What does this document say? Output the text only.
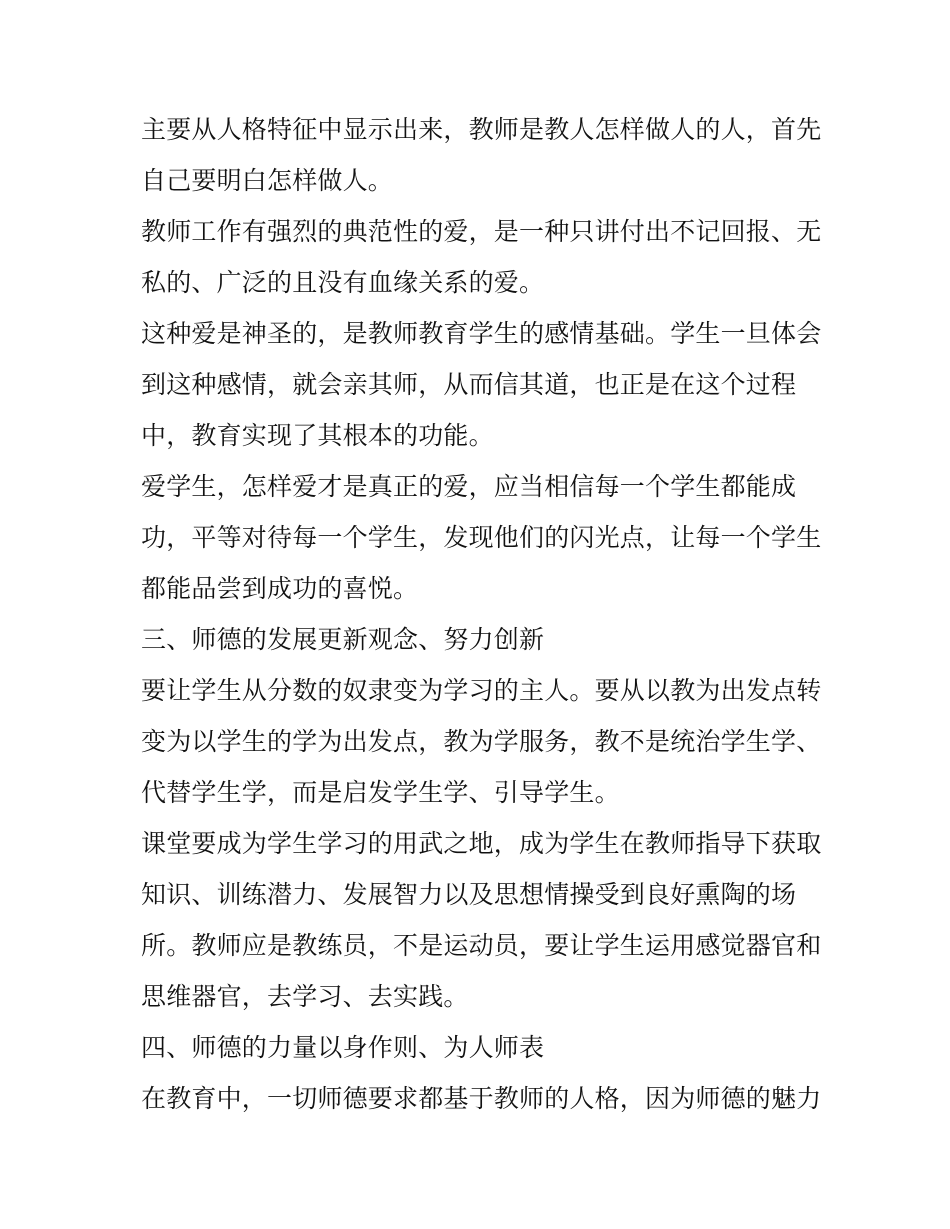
主要从人格特征中显示出来，教师是教人怎样做人的人，首先
自己要明白怎样做人。
教师工作有强烈的典范性的爱，是一种只讲付出不记回报、无
私的、广泛的且没有血缘关系的爱。
这种爱是神圣的，是教师教育学生的感情基础。学生一旦体会
到这种感情，就会亲其师，从而信其道，也正是在这个过程
中，教育实现了其根本的功能。
爱学生，怎样爱才是真正的爱，应当相信每一个学生都能成
功，平等对待每一个学生，发现他们的闪光点，让每一个学生
都能品尝到成功的喜悦。
三、师德的发展更新观念、努力创新
要让学生从分数的奴隶变为学习的主人。要从以教为出发点转
变为以学生的学为出发点，教为学服务，教不是统治学生学、
代替学生学，而是启发学生学、引导学生。
课堂要成为学生学习的用武之地，成为学生在教师指导下获取
知识、训练潜力、发展智力以及思想情操受到良好熏陶的场
所。教师应是教练员，不是运动员，要让学生运用感觉器官和
思维器官，去学习、去实践。
四、师德的力量以身作则、为人师表
在教育中，一切师德要求都基于教师的人格，因为师德的魅力
